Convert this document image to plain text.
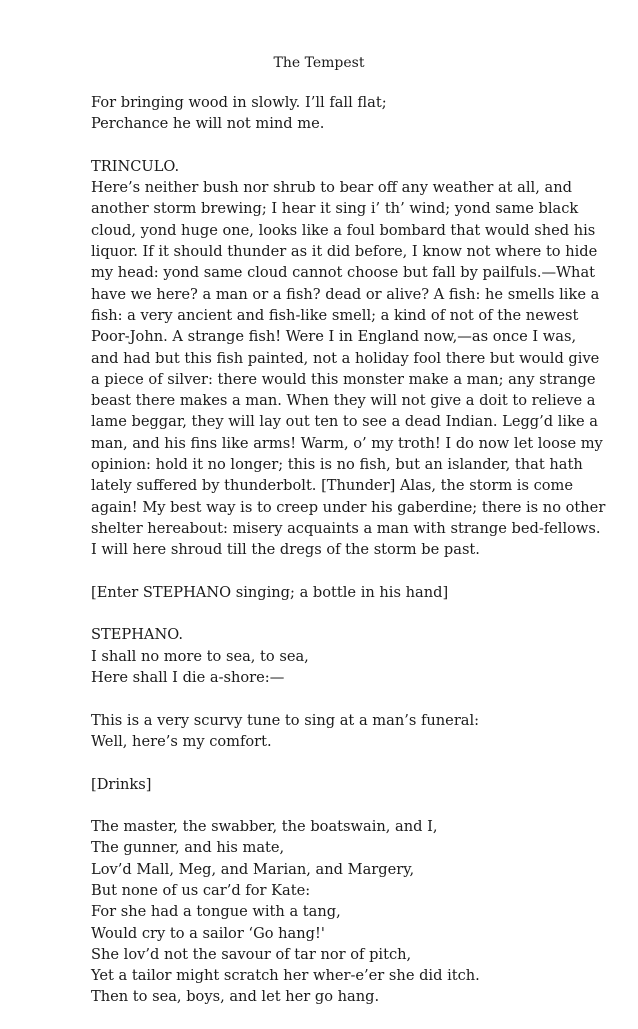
The Tempest
For bringing wood in slowly. I’ll fall flat;
Perchance he will not mind me.
TRINCULO.
Here’s neither bush nor shrub to bear off any weather at all, and
another storm brewing; I hear it sing i’ th’ wind; yond same black
cloud, yond huge one, looks like a foul bombard that would shed his
liquor. If it should thunder as it did before, I know not where to hide
my head: yond same cloud cannot choose but fall by pailfuls.—What
have we here? a man or a fish? dead or alive? A fish: he smells like a
fish: a very ancient and fish-like smell; a kind of not of the newest
Poor-John. A strange fish! Were I in England now,—as once I was,
and had but this fish painted, not a holiday fool there but would give
a piece of silver: there would this monster make a man; any strange
beast there makes a man. When they will not give a doit to relieve a
lame beggar, they will lay out ten to see a dead Indian. Legg’d like a
man, and his fins like arms! Warm, o’ my troth! I do now let loose my
opinion: hold it no longer; this is no fish, but an islander, that hath
lately suffered by thunderbolt. [Thunder] Alas, the storm is come
again! My best way is to creep under his gaberdine; there is no other
shelter hereabout: misery acquaints a man with strange bed-fellows.
I will here shroud till the dregs of the storm be past.
[Enter STEPHANO singing; a bottle in his hand]
STEPHANO.
I shall no more to sea, to sea,
Here shall I die a-shore:—
This is a very scurvy tune to sing at a man’s funeral:
Well, here’s my comfort.
[Drinks]
The master, the swabber, the boatswain, and I,
The gunner, and his mate,
Lov’d Mall, Meg, and Marian, and Margery,
But none of us car’d for Kate:
For she had a tongue with a tang,
Would cry to a sailor ‘Go hang!'
She lov’d not the savour of tar nor of pitch,
Yet a tailor might scratch her wher-e’er she did itch.
Then to sea, boys, and let her go hang.
